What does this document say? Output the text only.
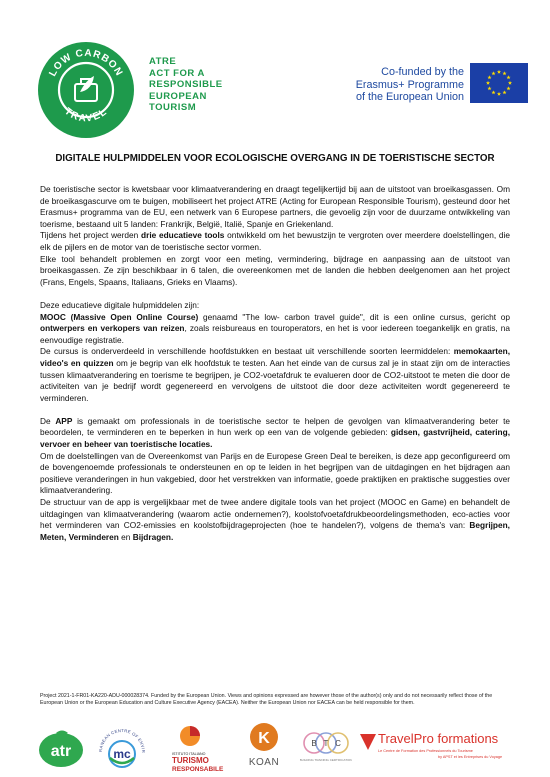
LOW CARBON
TRAVEL
ATRE
ACT FOR A
RESPONSIBLE
EUROPEAN
TOURISM
Co-funded by the
Erasmus+ Programme
of the European Union
DIGITALE HULPMIDDELEN VOOR ECOLOGISCHE OVERGANG IN DE TOERISTISCHE SECTOR

De toeristische sector is kwetsbaar voor klimaatverandering en draagt tegelijkertijd bij aan de uitstoot van broeikasgassen. Om de broeikasgascurve om te buigen, mobiliseert het project ATRE (Acting for European Responsible Tourism), gesteund door het Erasmus+ programma van de EU, een netwerk van 6 Europese partners, die gevoelig zijn voor de duurzame ontwikkeling van toerisme, bestaand uit 5 landen: Frankrijk, België, Italië, Spanje en Griekenland.

Tijdens het project werden drie educatieve tools ontwikkeld om het bewustzijn te vergroten over meerdere doelstellingen, die elk de pijlers en de motor van de toeristische sector vormen.

Elke tool behandelt problemen en zorgt voor een meting, vermindering, bijdrage en aanpassing aan de uitstoot van broeikasgassen. Ze zijn beschikbaar in 6 talen, die overeenkomen met de landen die hebben deelgenomen aan het project (Frans, Engels, Spaans, Italiaans, Grieks en Vlaams).

Deze educatieve digitale hulpmiddelen zijn:

MOOC (Massive Open Online Course) genaamd "The low- carbon travel guide", dit is een online cursus, gericht op ontwerpers en verkopers van reizen, zoals reisbureaus en touroperators, en het is voor iedereen toegankelijk en gratis, na eenvoudige registratie.

De cursus is onderverdeeld in verschillende hoofdstukken en bestaat uit verschillende soorten leermiddelen: memokaarten, video's en quizzen om je begrip van elk hoofdstuk te testen. Aan het einde van de cursus zal je in staat zijn om de interacties tussen klimaatverandering en toerisme te begrijpen, je CO2-voetafdruk te evalueren door de CO2-uitstoot te meten die door de activiteiten van je bedrijf wordt gegenereerd en vervolgens de uitstoot die door deze activiteiten wordt gegenereerd te verminderen.

De APP is gemaakt om professionals in de toeristische sector te helpen de gevolgen van klimaatverandering beter te beoordelen, te verminderen en te beperken in hun werk op een van de volgende gebieden: gidsen, gastvrijheid, catering, vervoer en beheer van toeristische locaties.

Om de doelstellingen van de Overeenkomst van Parijs en de Europese Green Deal te bereiken, is deze app geconfigureerd om de bovengenoemde professionals te ondersteunen en op te leiden in het begrijpen van de uitdagingen en het bijdragen aan positieve veranderingen in hun vakgebied, door het verstrekken van informatie, goede praktijken en praktische suggesties over klimaatverandering.

De structuur van de app is vergelijkbaar met de twee andere digitale tools van het project (MOOC en Game) en behandelt de uitdagingen van klimaatverandering (waarom actie ondernemen?), koolstofvoetafdrukbeoordelingsmethoden, eco-acties voor het verminderen van CO2-emissies en koolstofbijdrageprojecten (hoe te handelen?), volgens de thema's van: Begrijpen, Meten, Verminderen en Bijdragen.

Project 2021-1-FR01-KA220-ADU-000028374. Funded by the European Union. Views and opinions expressed are however those of the author(s) only and do not necessarily reflect those of the European Union or the European Education and Culture Executive Agency (EACEA). Neither the European Union nor EACEA can be held responsible for them.
atr	RANEAN CENTRE OF ENVIR
mc	ISTITUTO ITALIANO
TURISMO
RESPONSABILE
K
KOAN
B T C
BUILDING TRAINING CERTIFICATION
TravelPro formations
Le Centre de Formation des Professionnels du Tourisme
by APST et les Entreprises du Voyage
